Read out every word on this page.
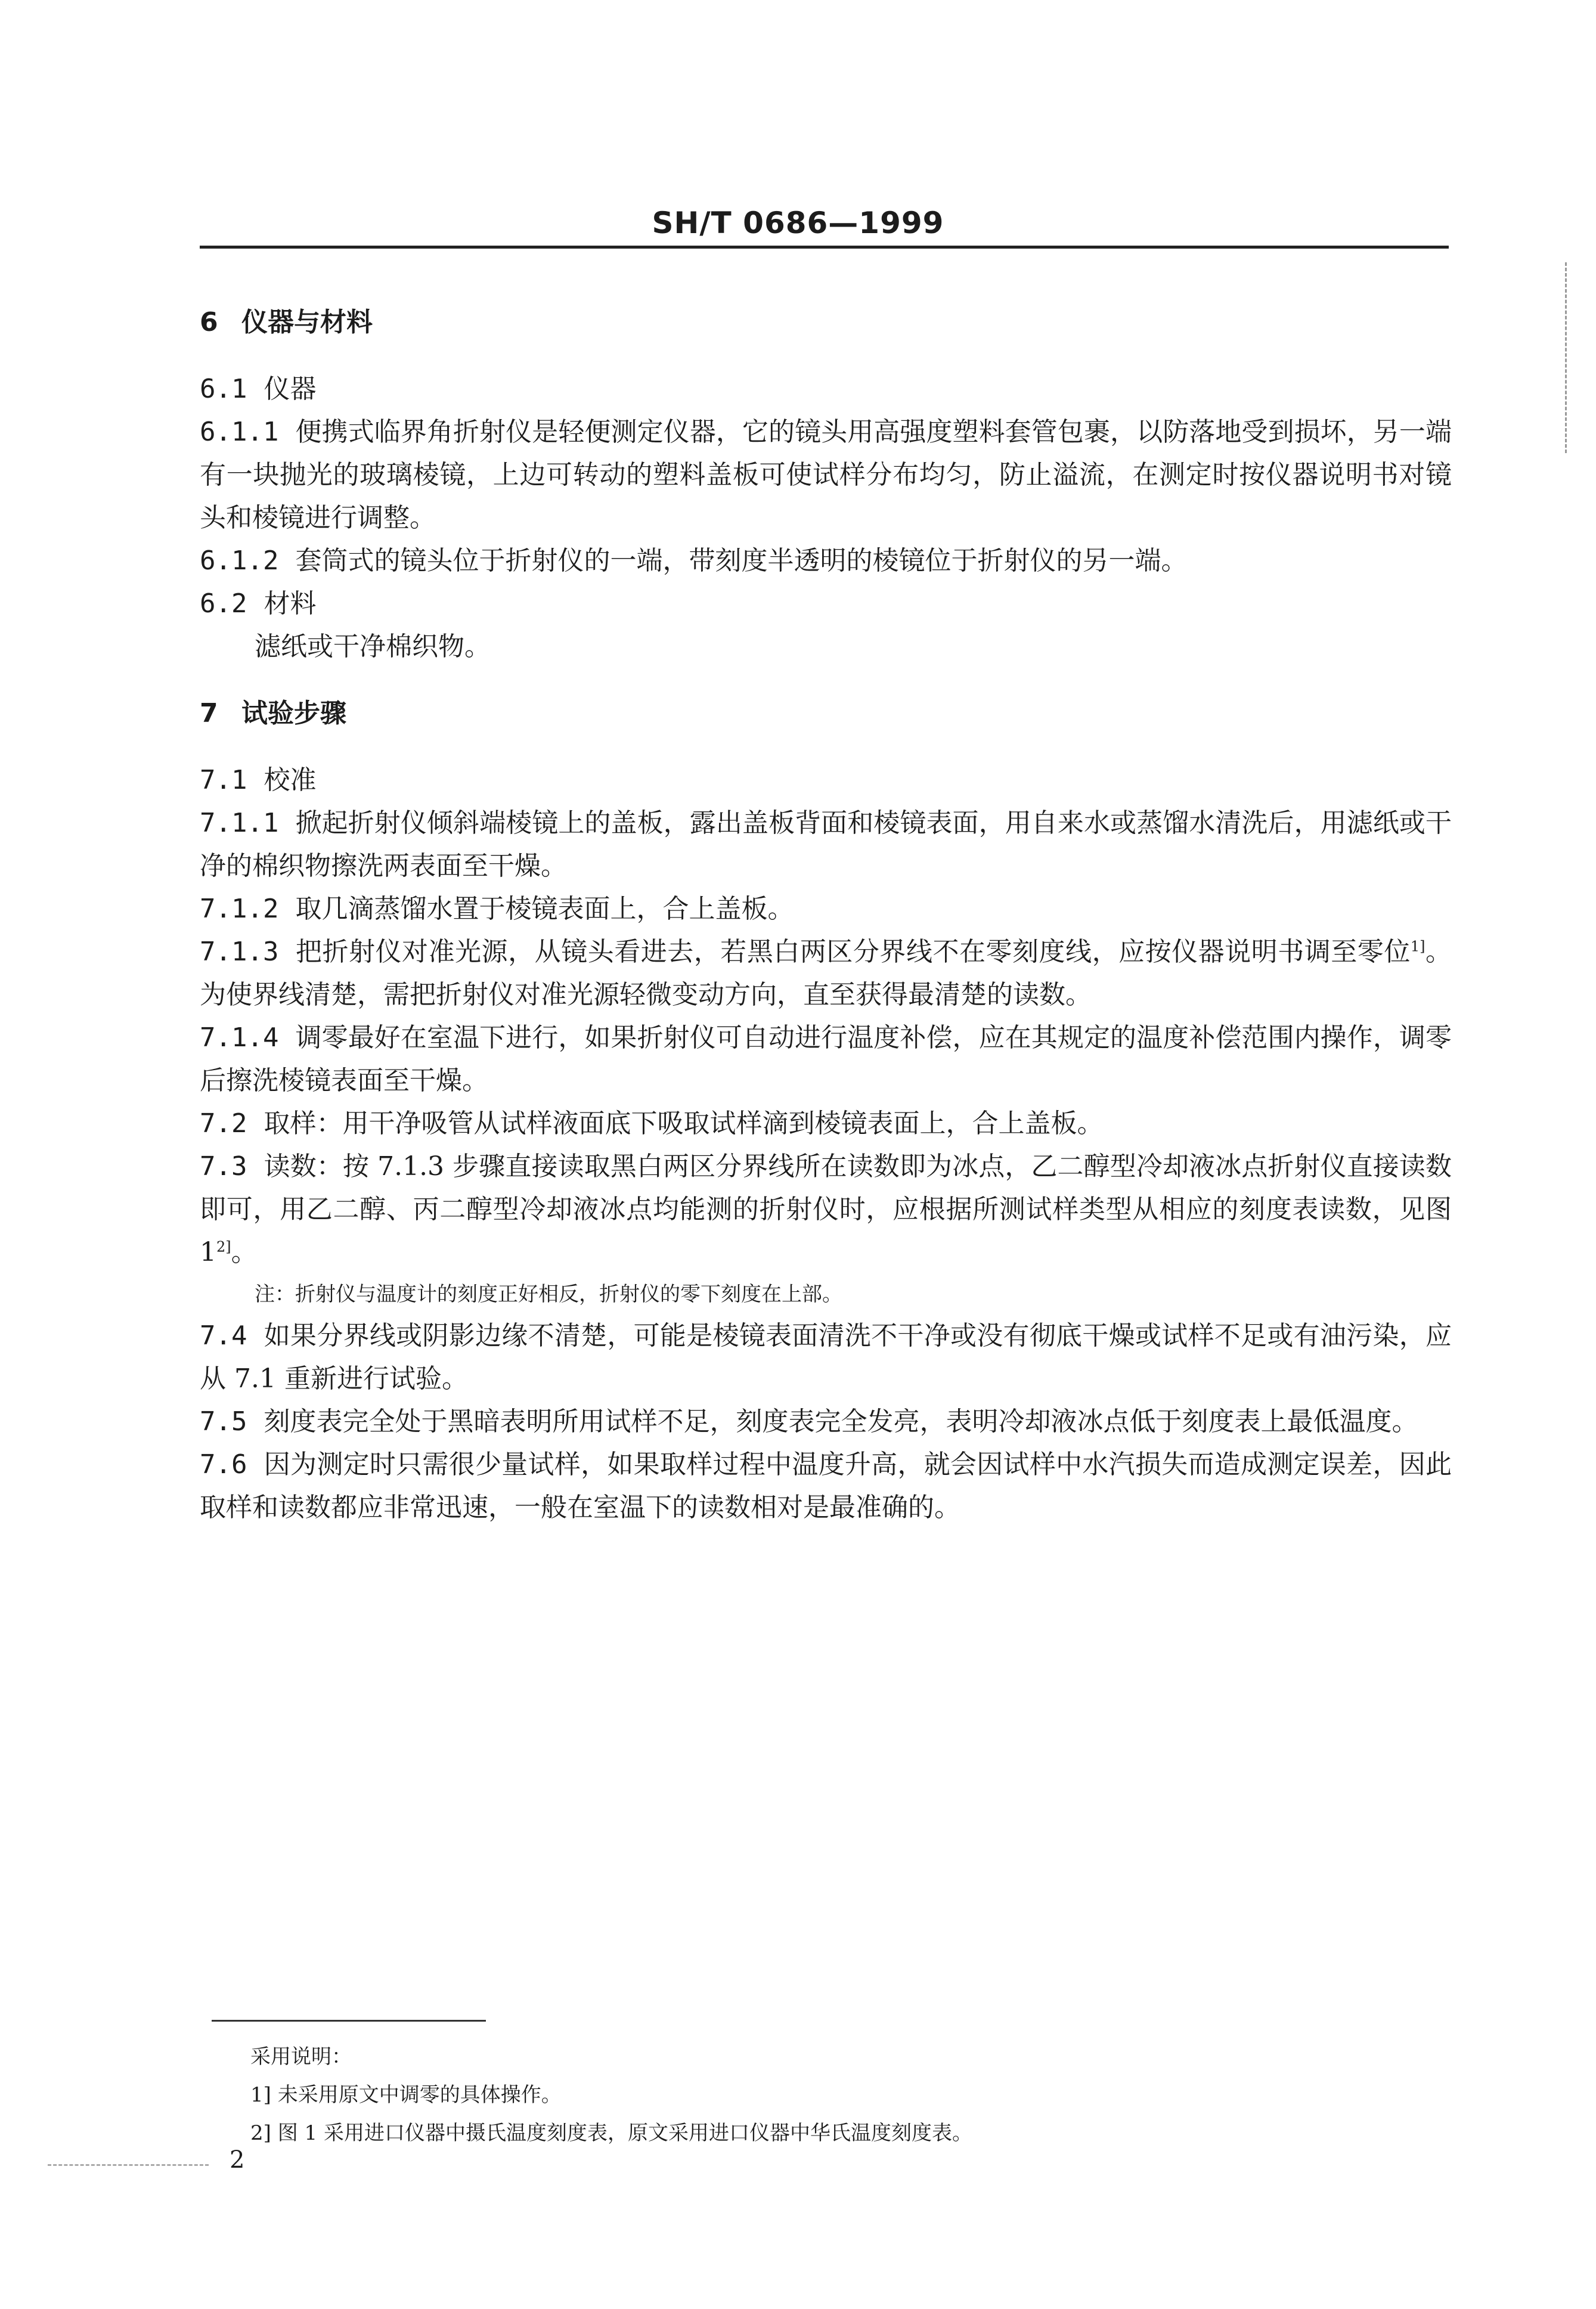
SH/T 0686—1999
6 仪器与材料

6.1 仪器

6.1.1 便携式临界角折射仪是轻便测定仪器，它的镜头用高强度塑料套管包裹，以防落地受到损坏，另一端有一块抛光的玻璃棱镜，上边可转动的塑料盖板可使试样分布均匀，防止溢流，在测定时按仪器说明书对镜头和棱镜进行调整。

6.1.2 套筒式的镜头位于折射仪的一端，带刻度半透明的棱镜位于折射仪的另一端。

6.2 材料

滤纸或干净棉织物。

7 试验步骤

7.1 校准

7.1.1 掀起折射仪倾斜端棱镜上的盖板，露出盖板背面和棱镜表面，用自来水或蒸馏水清洗后，用滤纸或干净的棉织物擦洗两表面至干燥。

7.1.2 取几滴蒸馏水置于棱镜表面上，合上盖板。

7.1.3 把折射仪对准光源，从镜头看进去，若黑白两区分界线不在零刻度线，应按仪器说明书调至零位$^{1]}$。为使界线清楚，需把折射仪对准光源轻微变动方向，直至获得最清楚的读数。

7.1.4 调零最好在室温下进行，如果折射仪可自动进行温度补偿，应在其规定的温度补偿范围内操作，调零后擦洗棱镜表面至干燥。

7.2 取样：用干净吸管从试样液面底下吸取试样滴到棱镜表面上，合上盖板。

7.3 读数：按 7.1.3 步骤直接读取黑白两区分界线所在读数即为冰点，乙二醇型冷却液冰点折射仪直接读数即可，用乙二醇、丙二醇型冷却液冰点均能测的折射仪时，应根据所测试样类型从相应的刻度表读数，见图 $1^{2]}$。

注：折射仪与温度计的刻度正好相反，折射仪的零下刻度在上部。

7.4 如果分界线或阴影边缘不清楚，可能是棱镜表面清洗不干净或没有彻底干燥或试样不足或有油污染，应从 7.1 重新进行试验。

7.5 刻度表完全处于黑暗表明所用试样不足，刻度表完全发亮，表明冷却液冰点低于刻度表上最低温度。

7.6 因为测定时只需很少量试样，如果取样过程中温度升高，就会因试样中水汽损失而造成测定误差，因此取样和读数都应非常迅速，一般在室温下的读数相对是最准确的。

采用说明：

1] 未采用原文中调零的具体操作。

2] 图 1 采用进口仪器中摄氏温度刻度表，原文采用进口仪器中华氏温度刻度表。

2
